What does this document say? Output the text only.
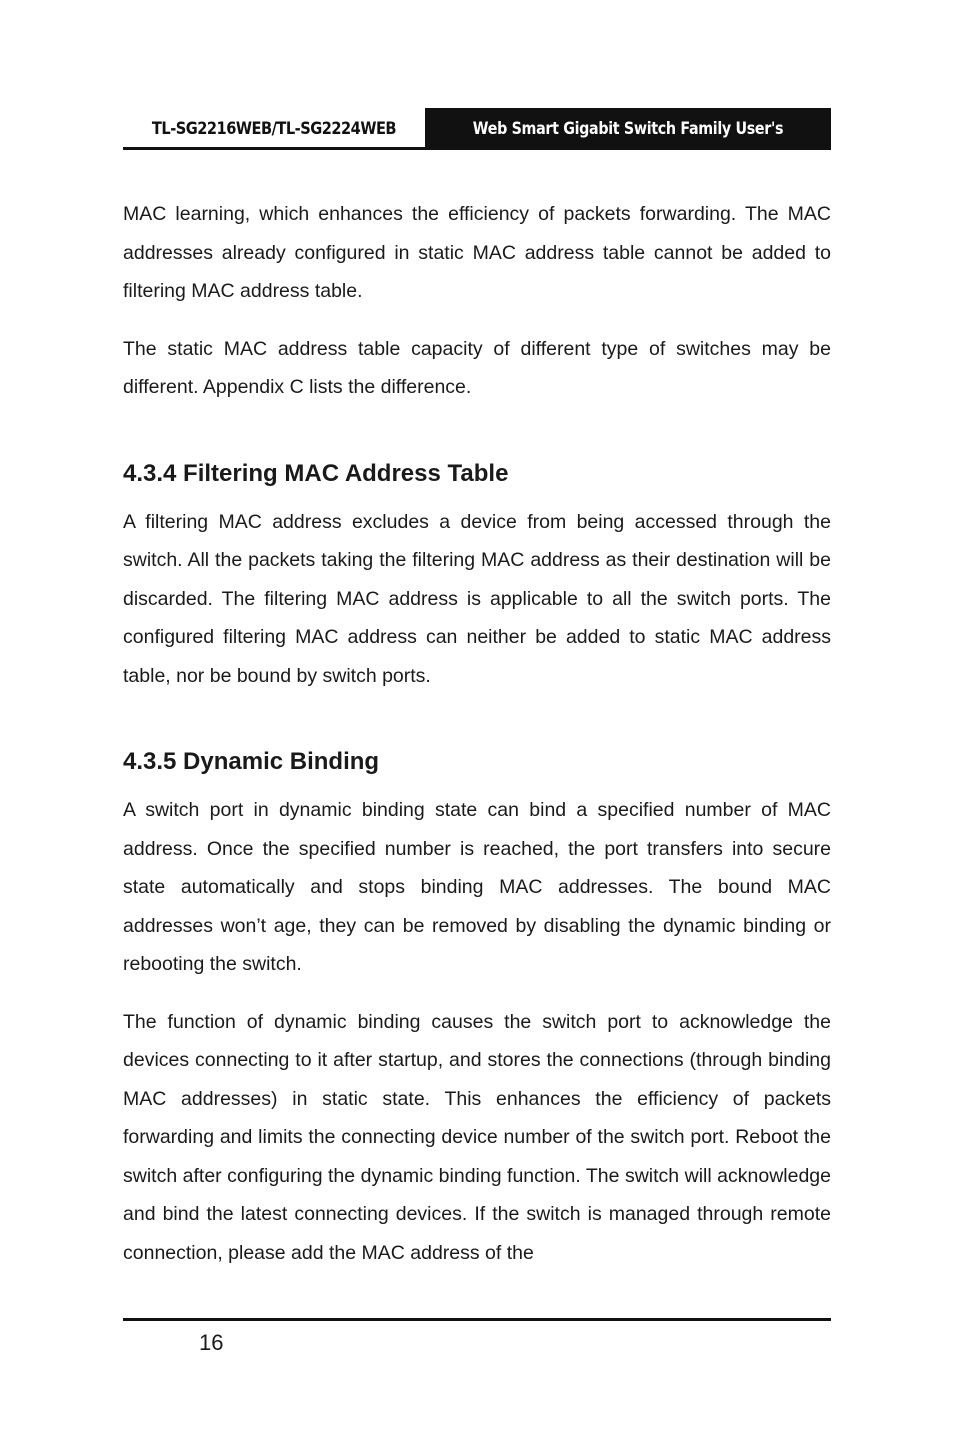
TL-SG2216WEB/TL-SG2224WEB	Web Smart Gigabit Switch Family User's Guide

MAC learning, which enhances the efficiency of packets forwarding. The MAC addresses already configured in static MAC address table cannot be added to filtering MAC address table.

The static MAC address table capacity of different type of switches may be different. Appendix C lists the difference.

4.3.4 Filtering MAC Address Table

A filtering MAC address excludes a device from being accessed through the switch. All the packets taking the filtering MAC address as their destination will be discarded. The filtering MAC address is applicable to all the switch ports. The configured filtering MAC address can neither be added to static MAC address table, nor be bound by switch ports.

4.3.5 Dynamic Binding

A switch port in dynamic binding state can bind a specified number of MAC address. Once the specified number is reached, the port transfers into secure state automatically and stops binding MAC addresses. The bound MAC addresses won’t age, they can be removed by disabling the dynamic binding or rebooting the switch.

The function of dynamic binding causes the switch port to acknowledge the devices connecting to it after startup, and stores the connections (through binding MAC addresses) in static state. This enhances the efficiency of packets forwarding and limits the connecting device number of the switch port. Reboot the switch after configuring the dynamic binding function. The switch will acknowledge and bind the latest connecting devices. If the switch is managed through remote connection, please add the MAC address of the

16
